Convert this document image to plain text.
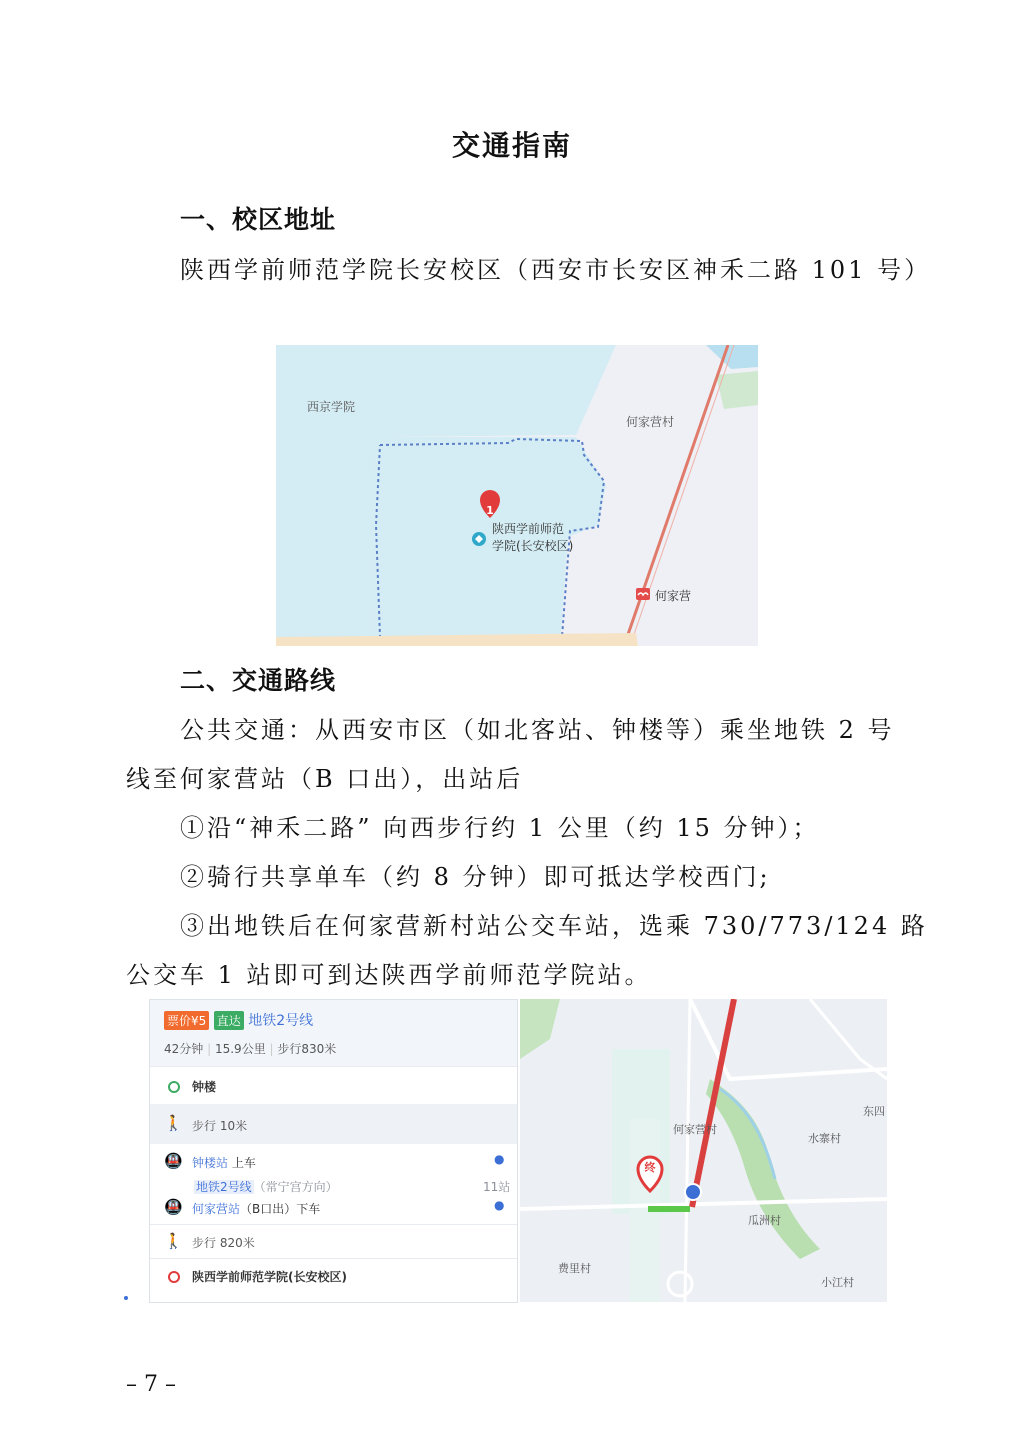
交通指南
一、校区地址
陕西学前师范学院长安校区（西安市长安区神禾二路 101 号）
西京学院
何家营村
1
陕西学前师范
学院(长安校区)
何家营
二、交通路线
公共交通：从西安市区（如北客站、钟楼等）乘坐地铁 2 号
线至何家营站（B 口出），出站后
①沿“神禾二路” 向西步行约 1 公里（约 15 分钟）；
②骑行共享单车（约 8 分钟）即可抵达学校西门;
③出地铁后在何家营新村站公交车站，选乘 730/773/124 路
公交车 1 站即可到达陕西学前师范学院站。
票价¥5 直达 地铁2号线
42分钟 | 15.9公里 | 步行830米
钟楼
🚶 步行 10米
🚇 钟楼站 上车	●
地铁2号线 （常宁宫方向）	11站
🚇 何家营站（B口出）下车	●
🚶 步行 820米
陕西学前师范学院(长安校区)
终
何家营村
水寨村
东四
瓜洲村
费里村
小江村
– 7 –
